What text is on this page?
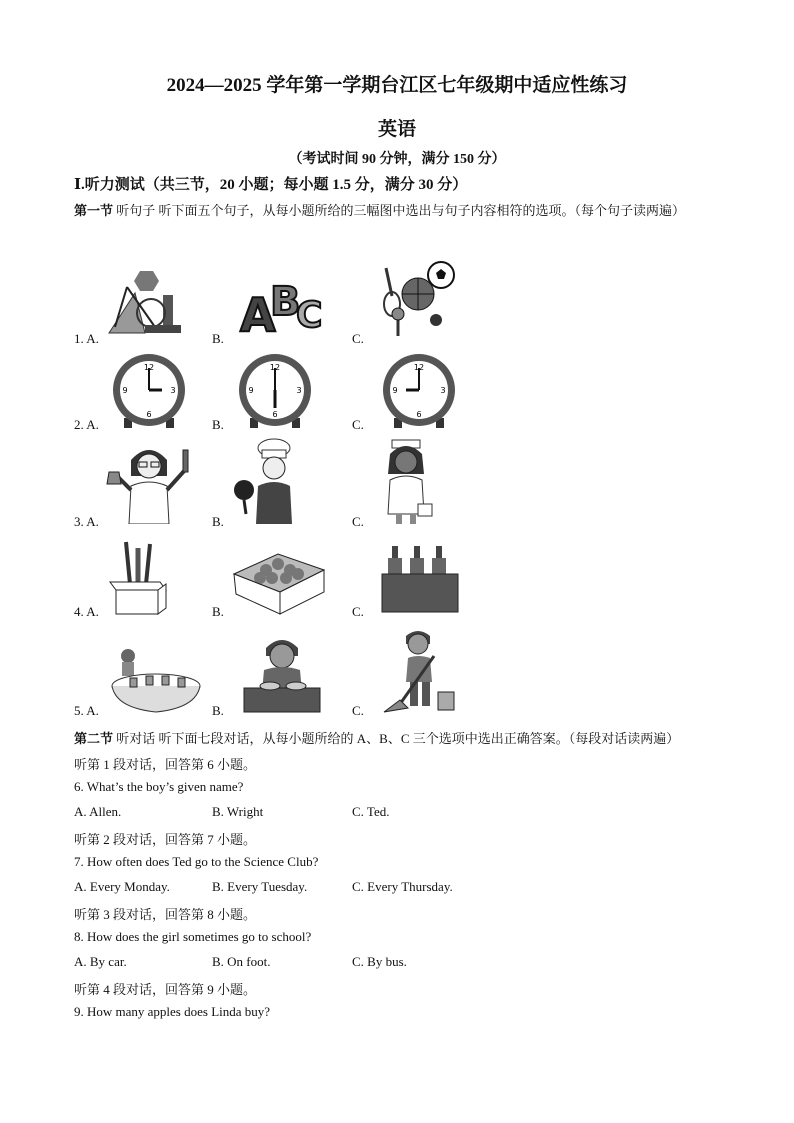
2024—2025 学年第一学期台江区七年级期中适应性练习
英语
（考试时间 90 分钟，满分 150 分）
Ⅰ.听力测试（共三节，20 小题；每小题 1.5 分，满分 30 分）
第一节 听句子 听下面五个句子，从每小题所给的三幅图中选出与句子内容相符的选项。（每个句子读两遍）
1. A.	B.	C.
A
B
C
2. A.	B.	C.
12
3
6
9
12
3
6
9
12
3
6
9
3. A.	B.	C.
4. A.	B.	C.
5. A.	B.	C.
第二节 听对话 听下面七段对话，从每小题所给的 A、B、C 三个选项中选出正确答案。（每段对话读两遍）
听第 1 段对话，回答第 6 小题。
6. What’s the boy’s given name?
A. Allen.	B. Wright	C. Ted.
听第 2 段对话，回答第 7 小题。
7. How often does Ted go to the Science Club?
A. Every Monday.	B. Every Tuesday.	C. Every Thursday.
听第 3 段对话，回答第 8 小题。
8. How does the girl sometimes go to school?
A. By car.	B. On foot.	C. By bus.
听第 4 段对话，回答第 9 小题。
9. How many apples does Linda buy?
